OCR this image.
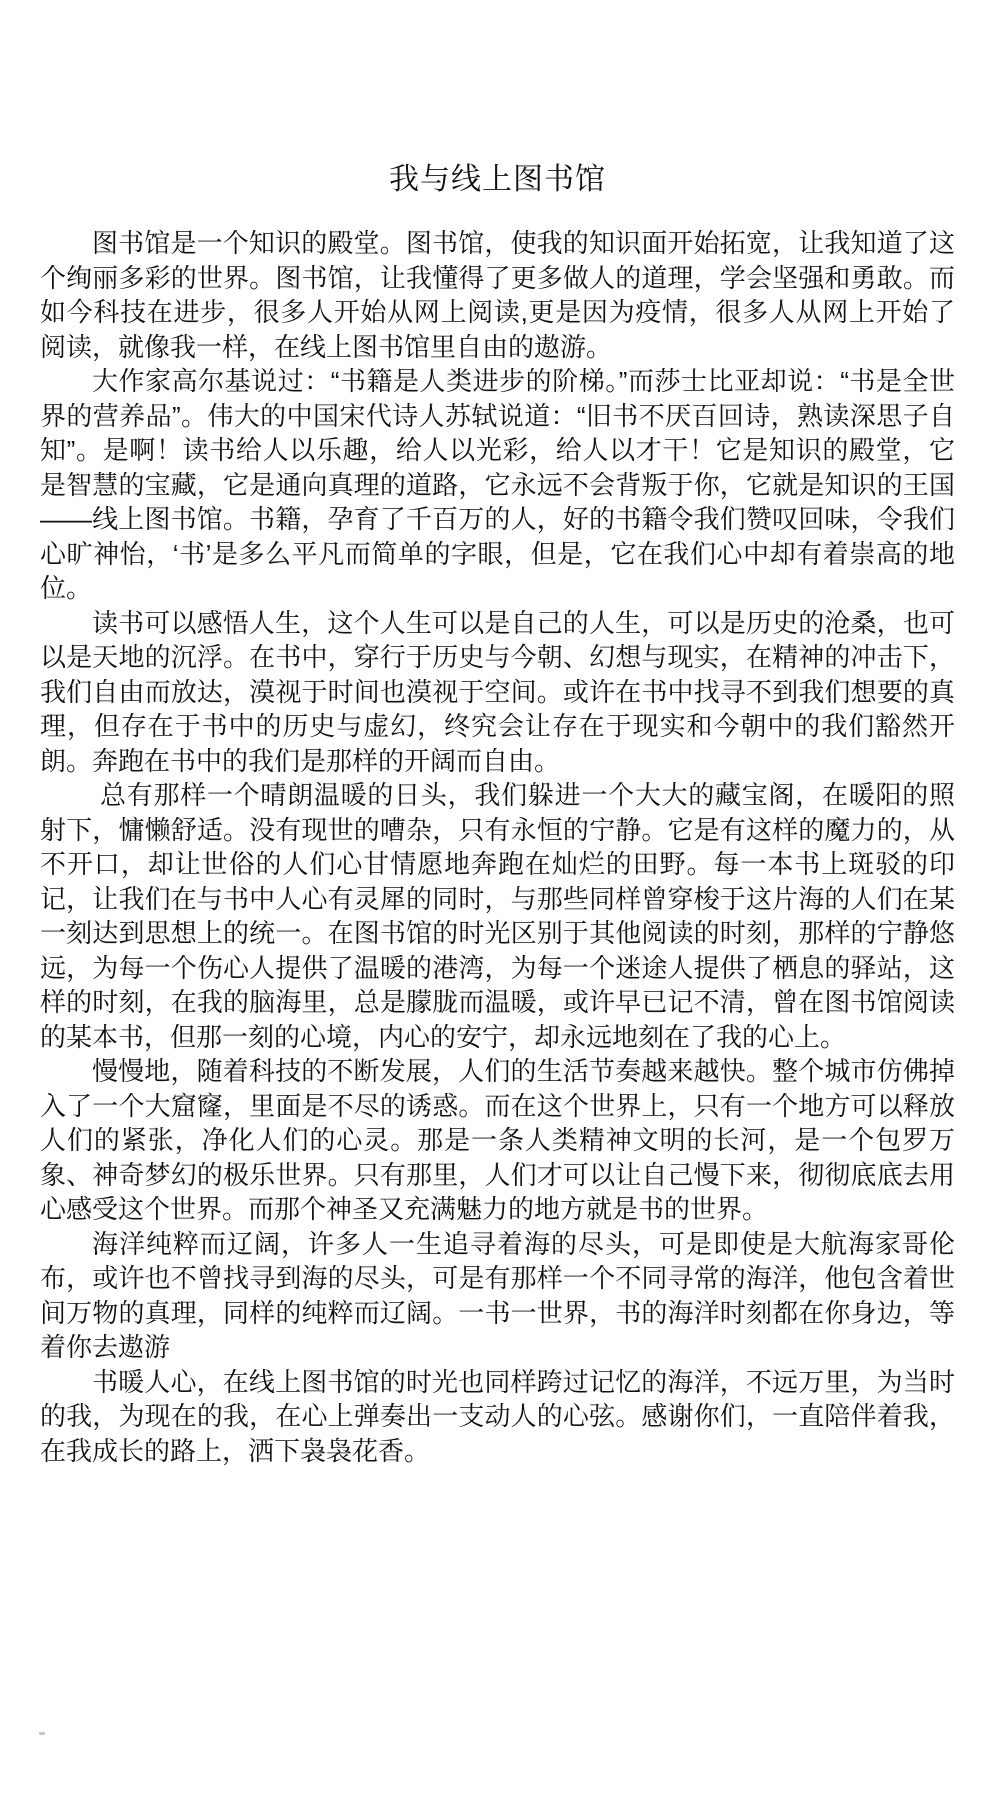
我与线上图书馆

图书馆是一个知识的殿堂。图书馆，使我的知识面开始拓宽，让我知道了这个绚丽多彩的世界。图书馆，让我懂得了更多做人的道理，学会坚强和勇敢。而如今科技在进步，很多人开始从网上阅读,更是因为疫情，很多人从网上开始了阅读，就像我一样，在线上图书馆里自由的遨游。

大作家高尔基说过：“书籍是人类进步的阶梯。”而莎士比亚却说：“书是全世界的营养品”。伟大的中国宋代诗人苏轼说道：“旧书不厌百回诗，熟读深思子自知”。是啊！读书给人以乐趣，给人以光彩，给人以才干！它是知识的殿堂，它是智慧的宝藏，它是通向真理的道路，它永远不会背叛于你，它就是知识的王国——线上图书馆。书籍，孕育了千百万的人，好的书籍令我们赞叹回味，令我们心旷神怡，‘书’是多么平凡而简单的字眼，但是，它在我们心中却有着崇高的地位。

读书可以感悟人生，这个人生可以是自己的人生，可以是历史的沧桑，也可以是天地的沉浮。在书中，穿行于历史与今朝、幻想与现实，在精神的冲击下，我们自由而放达，漠视于时间也漠视于空间。或许在书中找寻不到我们想要的真理，但存在于书中的历史与虚幻，终究会让存在于现实和今朝中的我们豁然开朗。奔跑在书中的我们是那样的开阔而自由。

总有那样一个晴朗温暖的日头，我们躲进一个大大的藏宝阁，在暖阳的照射下，慵懒舒适。没有现世的嘈杂，只有永恒的宁静。它是有这样的魔力的，从不开口，却让世俗的人们心甘情愿地奔跑在灿烂的田野。每一本书上斑驳的印记，让我们在与书中人心有灵犀的同时，与那些同样曾穿梭于这片海的人们在某一刻达到思想上的统一。在图书馆的时光区别于其他阅读的时刻，那样的宁静悠远，为每一个伤心人提供了温暖的港湾，为每一个迷途人提供了栖息的驿站，这样的时刻，在我的脑海里，总是朦胧而温暖，或许早已记不清，曾在图书馆阅读的某本书，但那一刻的心境，内心的安宁，却永远地刻在了我的心上。

慢慢地，随着科技的不断发展，人们的生活节奏越来越快。整个城市仿佛掉入了一个大窟窿，里面是不尽的诱惑。而在这个世界上，只有一个地方可以释放人们的紧张，净化人们的心灵。那是一条人类精神文明的长河，是一个包罗万象、神奇梦幻的极乐世界。只有那里，人们才可以让自己慢下来，彻彻底底去用心感受这个世界。而那个神圣又充满魅力的地方就是书的世界。

海洋纯粹而辽阔，许多人一生追寻着海的尽头，可是即使是大航海家哥伦布，或许也不曾找寻到海的尽头，可是有那样一个不同寻常的海洋，他包含着世间万物的真理，同样的纯粹而辽阔。一书一世界，书的海洋时刻都在你身边，等着你去遨游

书暖人心，在线上图书馆的时光也同样跨过记忆的海洋，不远万里，为当时的我，为现在的我，在心上弹奏出一支动人的心弦。感谢你们，一直陪伴着我，在我成长的路上，洒下袅袅花香。
